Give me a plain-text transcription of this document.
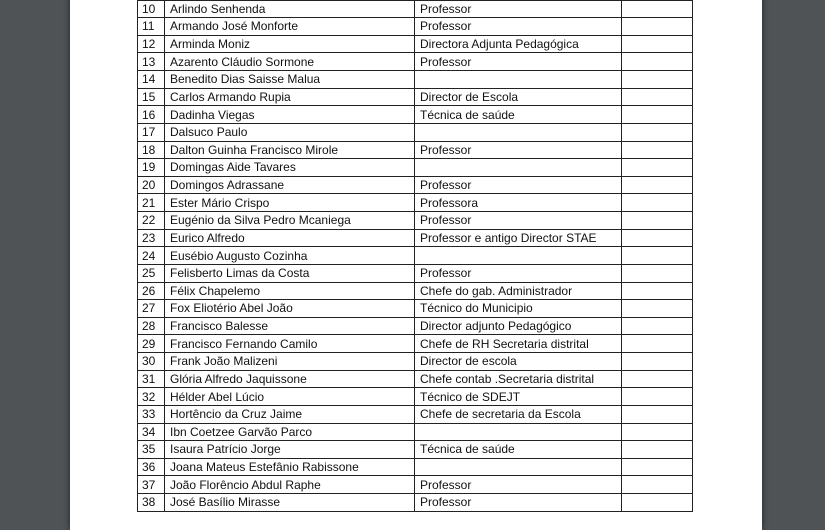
10	Arlindo Senhenda	Professor	
11	Armando José Monforte	Professor	
12	Arminda Moniz	Directora Adjunta Pedagógica	
13	Azarento Cláudio Sormone	Professor	
14	Benedito Dias Saisse Malua		
15	Carlos Armando Rupia	Director de Escola	
16	Dadinha Viegas	Técnica de saúde	
17	Dalsuco Paulo		
18	Dalton Guinha Francisco Mirole	Professor	
19	Domingas Aide Tavares		
20	Domingos Adrassane	Professor	
21	Ester Mário Crispo	Professora	
22	Eugénio da Silva Pedro Mcaniega	Professor	
23	Eurico Alfredo	Professor e antigo Director STAE	
24	Eusébio Augusto Cozinha		
25	Felisberto Limas da Costa	Professor	
26	Félix Chapelemo	Chefe do gab. Administrador	
27	Fox Eliotério Abel João	Técnico do Municipio	
28	Francisco Balesse	Director adjunto Pedagógico	
29	Francisco Fernando Camilo	Chefe de RH Secretaria distrital	
30	Frank João Malizeni	Director de escola	
31	Glória Alfredo Jaquissone	Chefe contab .Secretaria distrital	
32	Hélder Abel Lúcio	Técnico de SDEJT	
33	Hortêncio da Cruz Jaime	Chefe de secretaria da Escola	
34	Ibn Coetzee Garvão Parco		
35	Isaura Patrício Jorge	Técnica de saúde	
36	Joana Mateus Estefânio Rabissone		
37	João Florêncio Abdul Raphe	Professor	
38	José Basílio Mirasse	Professor	
